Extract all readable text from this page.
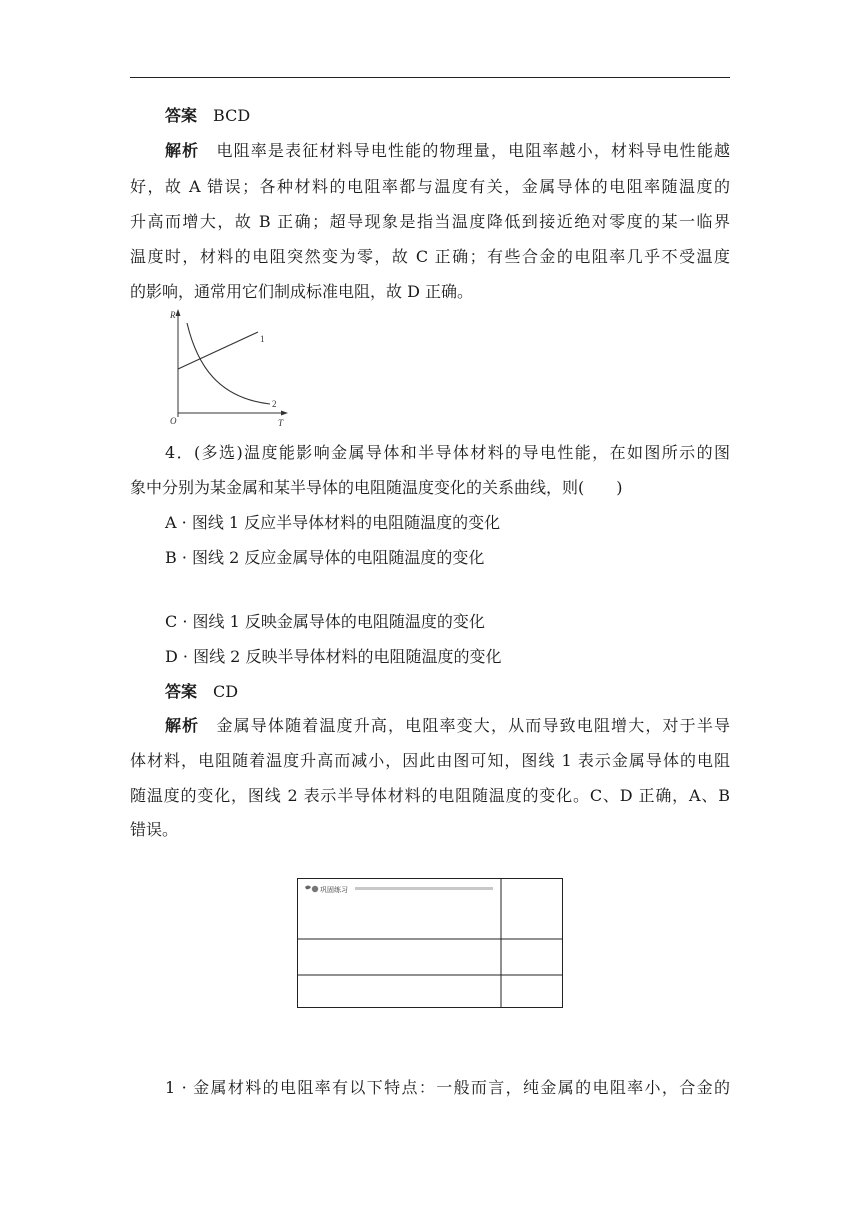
答案 BCD
解析 电阻率是表征材料导电性能的物理量，电阻率越小，材料导电性能越
好，故 A 错误；各种材料的电阻率都与温度有关，金属导体的电阻率随温度的
升高而增大，故 B 正确；超导现象是指当温度降低到接近绝对零度的某一临界
温度时，材料的电阻突然变为零，故 C 正确；有些合金的电阻率几乎不受温度
的影响，通常用它们制成标准电阻，故 D 正确。
R
T
O
1
2
4．(多选)温度能影响金属导体和半导体材料的导电性能，在如图所示的图
象中分别为某金属和某半导体的电阻随温度变化的关系曲线，则(　　)
A · 图线 1 反应半导体材料的电阻随温度的变化
B · 图线 2 反应金属导体的电阻随温度的变化
C · 图线 1 反映金属导体的电阻随温度的变化
D · 图线 2 反映半导体材料的电阻随温度的变化
答案 CD
解析 金属导体随着温度升高，电阻率变大，从而导致电阻增大，对于半导
体材料，电阻随着温度升高而减小，因此由图可知，图线 1 表示金属导体的电阻
随温度的变化，图线 2 表示半导体材料的电阻随温度的变化。C、D 正确，A、B
错误。
巩固练习
1 · 金属材料的电阻率有以下特点：一般而言，纯金属的电阻率小，合金的
